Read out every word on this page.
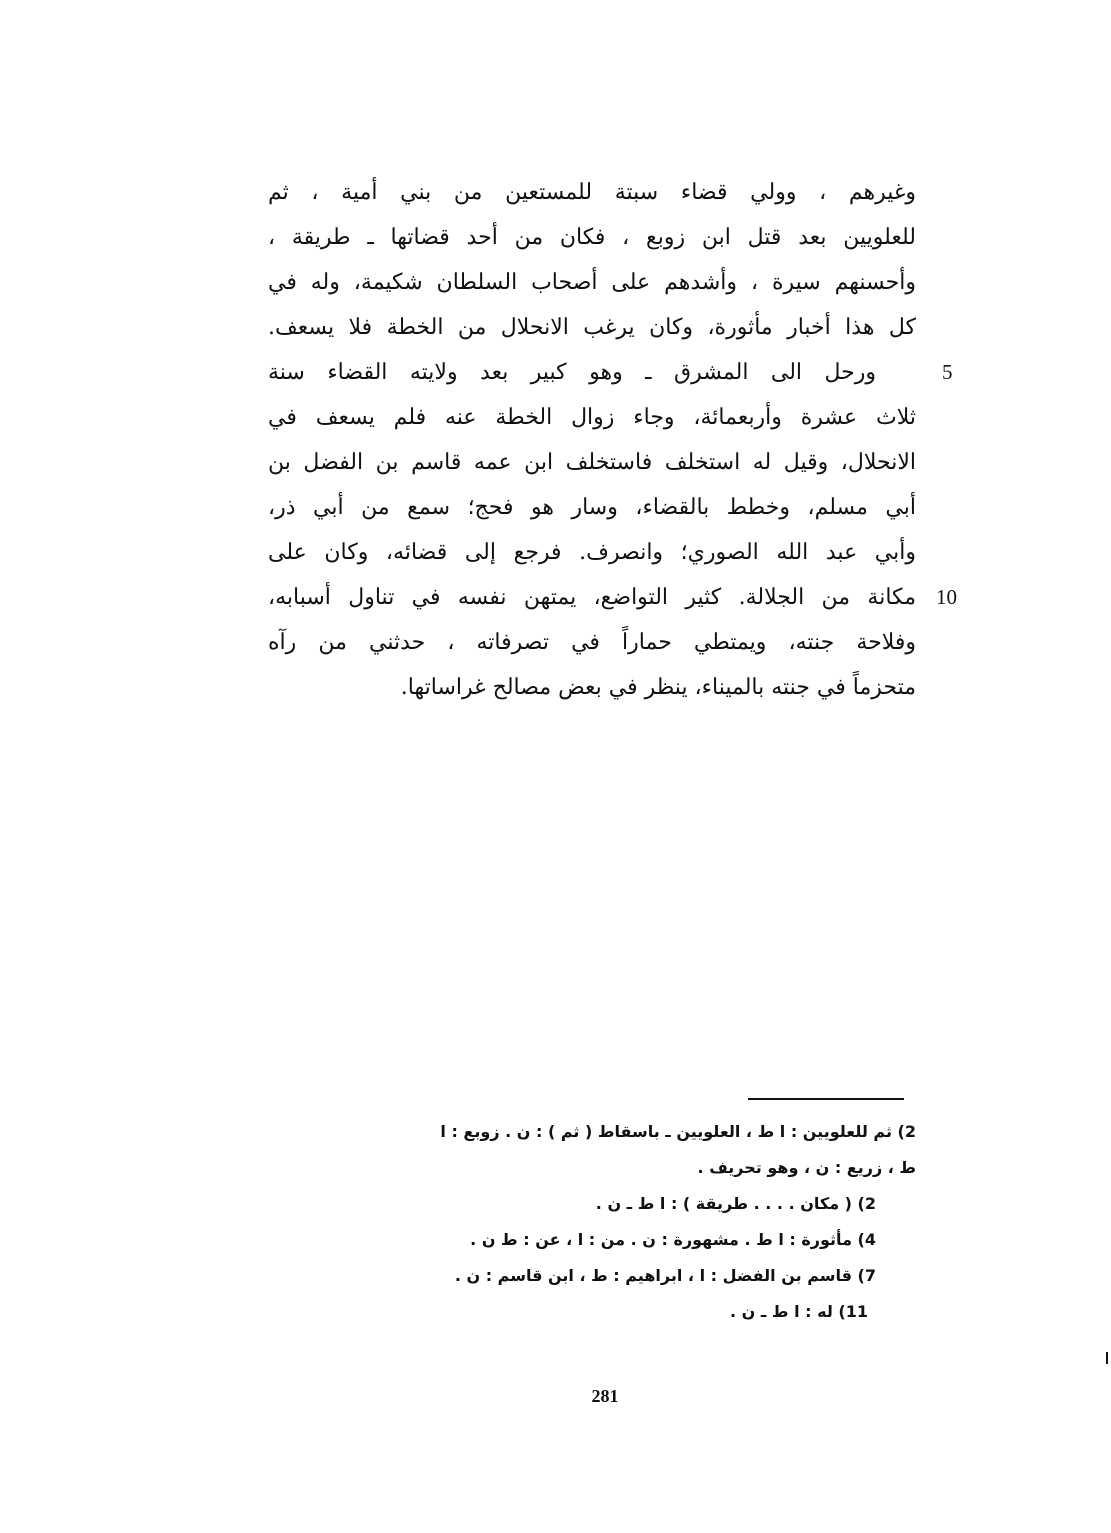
وغيرهم ، وولي قضاء سبتة للمستعين من بني أمية ، ثم
للعلويين بعد قتل ابن زوبع ، فكان من أحد قضاتها ـ طريقة ،
وأحسنهم سيرة ، وأشدهم على أصحاب السلطان شكيمة، وله في
كل هذا أخبار مأثورة، وكان يرغب الانحلال من الخطة فلا يسعف.
ورحل الى المشرق ـ وهو كبير بعد ولايته القضاء سنة
ثلاث عشرة وأربعمائة، وجاء زوال الخطة عنه فلم يسعف في
الانحلال، وقيل له استخلف فاستخلف ابن عمه قاسم بن الفضل بن
أبي مسلم، وخطط بالقضاء، وسار هو فحج؛ سمع من أبي ذر،
وأبي عبد الله الصوري؛ وانصرف. فرجع إلى قضائه، وكان على
مكانة من الجلالة. كثير التواضع، يمتهن نفسه في تناول أسبابه،
وفلاحة جنته، ويمتطي حماراً في تصرفاته ، حدثني من رآه
متحزماً في جنته بالميناء، ينظر في بعض مصالح غراساتها.
5
10
2) ثم للعلويين : ا ط ، العلويين ـ باسقاط ( ثم ) : ن . زوبع : ا
ط ، زريع : ن ، وهو تحريف .
2) ( مكان . . . . طريقة ) : ا ط ـ ن .
4) مأثورة : ا ط . مشهورة : ن . من : ا ، عن : ط ن .
7) قاسم بن الفضل : ا ، ابراهيم : ط ، ابن قاسم : ن .
11) له : ا ط ـ ن .
281
